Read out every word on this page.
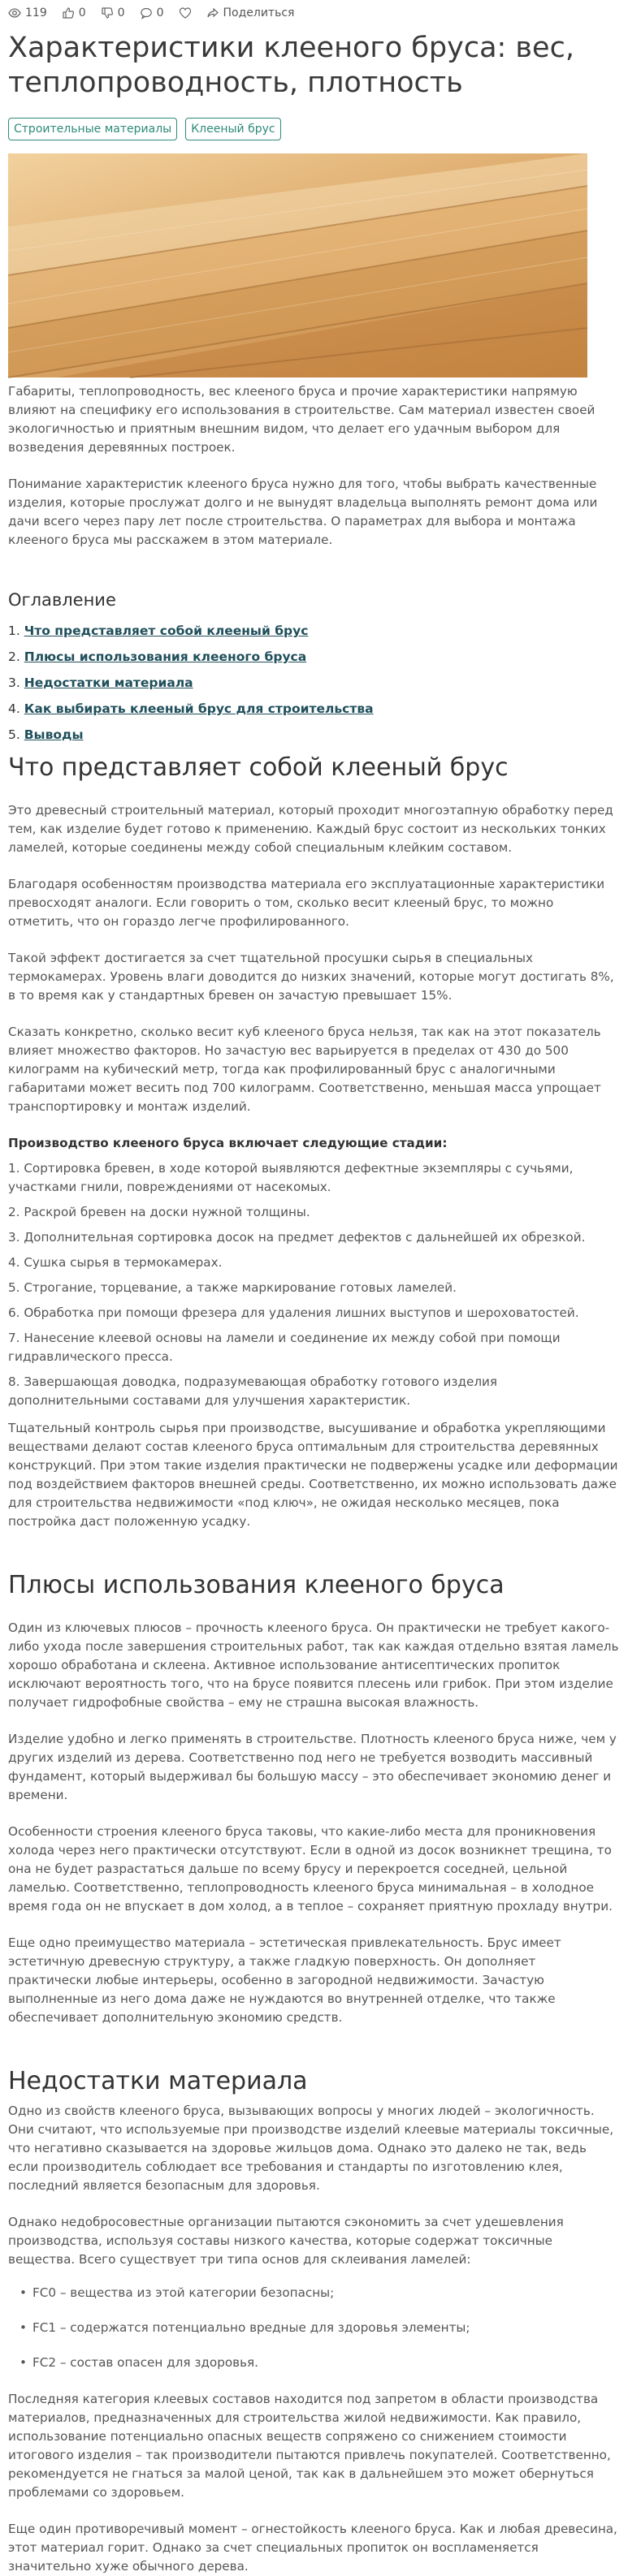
119	0	0	0	Поделиться
Характеристики клееного бруса: вес, теплопроводность, плотность
Строительные материалы	Клееный брус

Габариты, теплопроводность, вес клееного бруса и прочие характеристики напрямую влияют на специфику его использования в строительстве. Сам материал известен своей экологичностью и приятным внешним видом, что делает его удачным выбором для возведения деревянных построек.

Понимание характеристик клееного бруса нужно для того, чтобы выбрать качественные изделия, которые прослужат долго и не вынудят владельца выполнять ремонт дома или дачи всего через пару лет после строительства. О параметрах для выбора и монтажа клееного бруса мы расскажем в этом материале.

Оглавление
1. Что представляет собой клееный брус
2. Плюсы использования клееного бруса
3. Недостатки материала
4. Как выбирать клееный брус для строительства
5. Выводы
Что представляет собой клееный брус

Это древесный строительный материал, который проходит многоэтапную обработку перед тем, как изделие будет готово к применению. Каждый брус состоит из нескольких тонких ламелей, которые соединены между собой специальным клейким составом.

Благодаря особенностям производства материала его эксплуатационные характеристики превосходят аналоги. Если говорить о том, сколько весит клееный брус, то можно отметить, что он гораздо легче профилированного.

Такой эффект достигается за счет тщательной просушки сырья в специальных термокамерах. Уровень влаги доводится до низких значений, которые могут достигать 8%, в то время как у стандартных бревен он зачастую превышает 15%.

Сказать конкретно, сколько весит куб клееного бруса нельзя, так как на этот показатель влияет множество факторов. Но зачастую вес варьируется в пределах от 430 до 500 килограмм на кубический метр, тогда как профилированный брус с аналогичными габаритами может весить под 700 килограмм. Соответственно, меньшая масса упрощает транспортировку и монтаж изделий.

Производство клееного бруса включает следующие стадии:

1. Сортировка бревен, в ходе которой выявляются дефектные экземпляры с сучьями, участками гнили, повреждениями от насекомых.

2. Раскрой бревен на доски нужной толщины.

3. Дополнительная сортировка досок на предмет дефектов с дальнейшей их обрезкой.

4. Сушка сырья в термокамерах.

5. Строгание, торцевание, а также маркирование готовых ламелей.

6. Обработка при помощи фрезера для удаления лишних выступов и шероховатостей.

7. Нанесение клеевой основы на ламели и соединение их между собой при помощи гидравлического пресса.

8. Завершающая доводка, подразумевающая обработку готового изделия дополнительными составами для улучшения характеристик.

Тщательный контроль сырья при производстве, высушивание и обработка укрепляющими веществами делают состав клееного бруса оптимальным для строительства деревянных конструкций. При этом такие изделия практически не подвержены усадке или деформации под воздействием факторов внешней среды. Соответственно, их можно использовать даже для строительства недвижимости «под ключ», не ожидая несколько месяцев, пока постройка даст положенную усадку.

Плюсы использования клееного бруса

Один из ключевых плюсов – прочность клееного бруса. Он практически не требует какого-либо ухода после завершения строительных работ, так как каждая отдельно взятая ламель хорошо обработана и склеена. Активное использование антисептических пропиток исключают вероятность того, что на брусе появится плесень или грибок. При этом изделие получает гидрофобные свойства – ему не страшна высокая влажность.

Изделие удобно и легко применять в строительстве. Плотность клееного бруса ниже, чем у других изделий из дерева. Соответственно под него не требуется возводить массивный фундамент, который выдерживал бы большую массу – это обеспечивает экономию денег и времени.

Особенности строения клееного бруса таковы, что какие-либо места для проникновения холода через него практически отсутствуют. Если в одной из досок возникнет трещина, то она не будет разрастаться дальше по всему брусу и перекроется соседней, цельной ламелью. Соответственно, теплопроводность клееного бруса минимальная – в холодное время года он не впускает в дом холод, а в теплое – сохраняет приятную прохладу внутри.

Еще одно преимущество материала – эстетическая привлекательность. Брус имеет эстетичную древесную структуру, а также гладкую поверхность. Он дополняет практически любые интерьеры, особенно в загородной недвижимости. Зачастую выполненные из него дома даже не нуждаются во внутренней отделке, что также обеспечивает дополнительную экономию средств.

Недостатки материала

Одно из свойств клееного бруса, вызывающих вопросы у многих людей – экологичность. Они считают, что используемые при производстве изделий клеевые материалы токсичные, что негативно сказывается на здоровье жильцов дома. Однако это далеко не так, ведь если производитель соблюдает все требования и стандарты по изготовлению клея, последний является безопасным для здоровья.

Однако недобросовестные организации пытаются сэкономить за счет удешевления производства, используя составы низкого качества, которые содержат токсичные вещества. Всего существует три типа основ для склеивания ламелей:

• FC0 – вещества из этой категории безопасны;
• FC1 – содержатся потенциально вредные для здоровья элементы;
• FC2 – состав опасен для здоровья.

Последняя категория клеевых составов находится под запретом в области производства материалов, предназначенных для строительства жилой недвижимости. Как правило, использование потенциально опасных веществ сопряжено со снижением стоимости итогового изделия – так производители пытаются привлечь покупателей. Соответственно, рекомендуется не гнаться за малой ценой, так как в дальнейшем это может обернуться проблемами со здоровьем.

Еще один противоречивый момент – огнестойкость клееного бруса. Как и любая древесина, этот материал горит. Однако за счет специальных пропиток он воспламеняется значительно хуже обычного дерева.
